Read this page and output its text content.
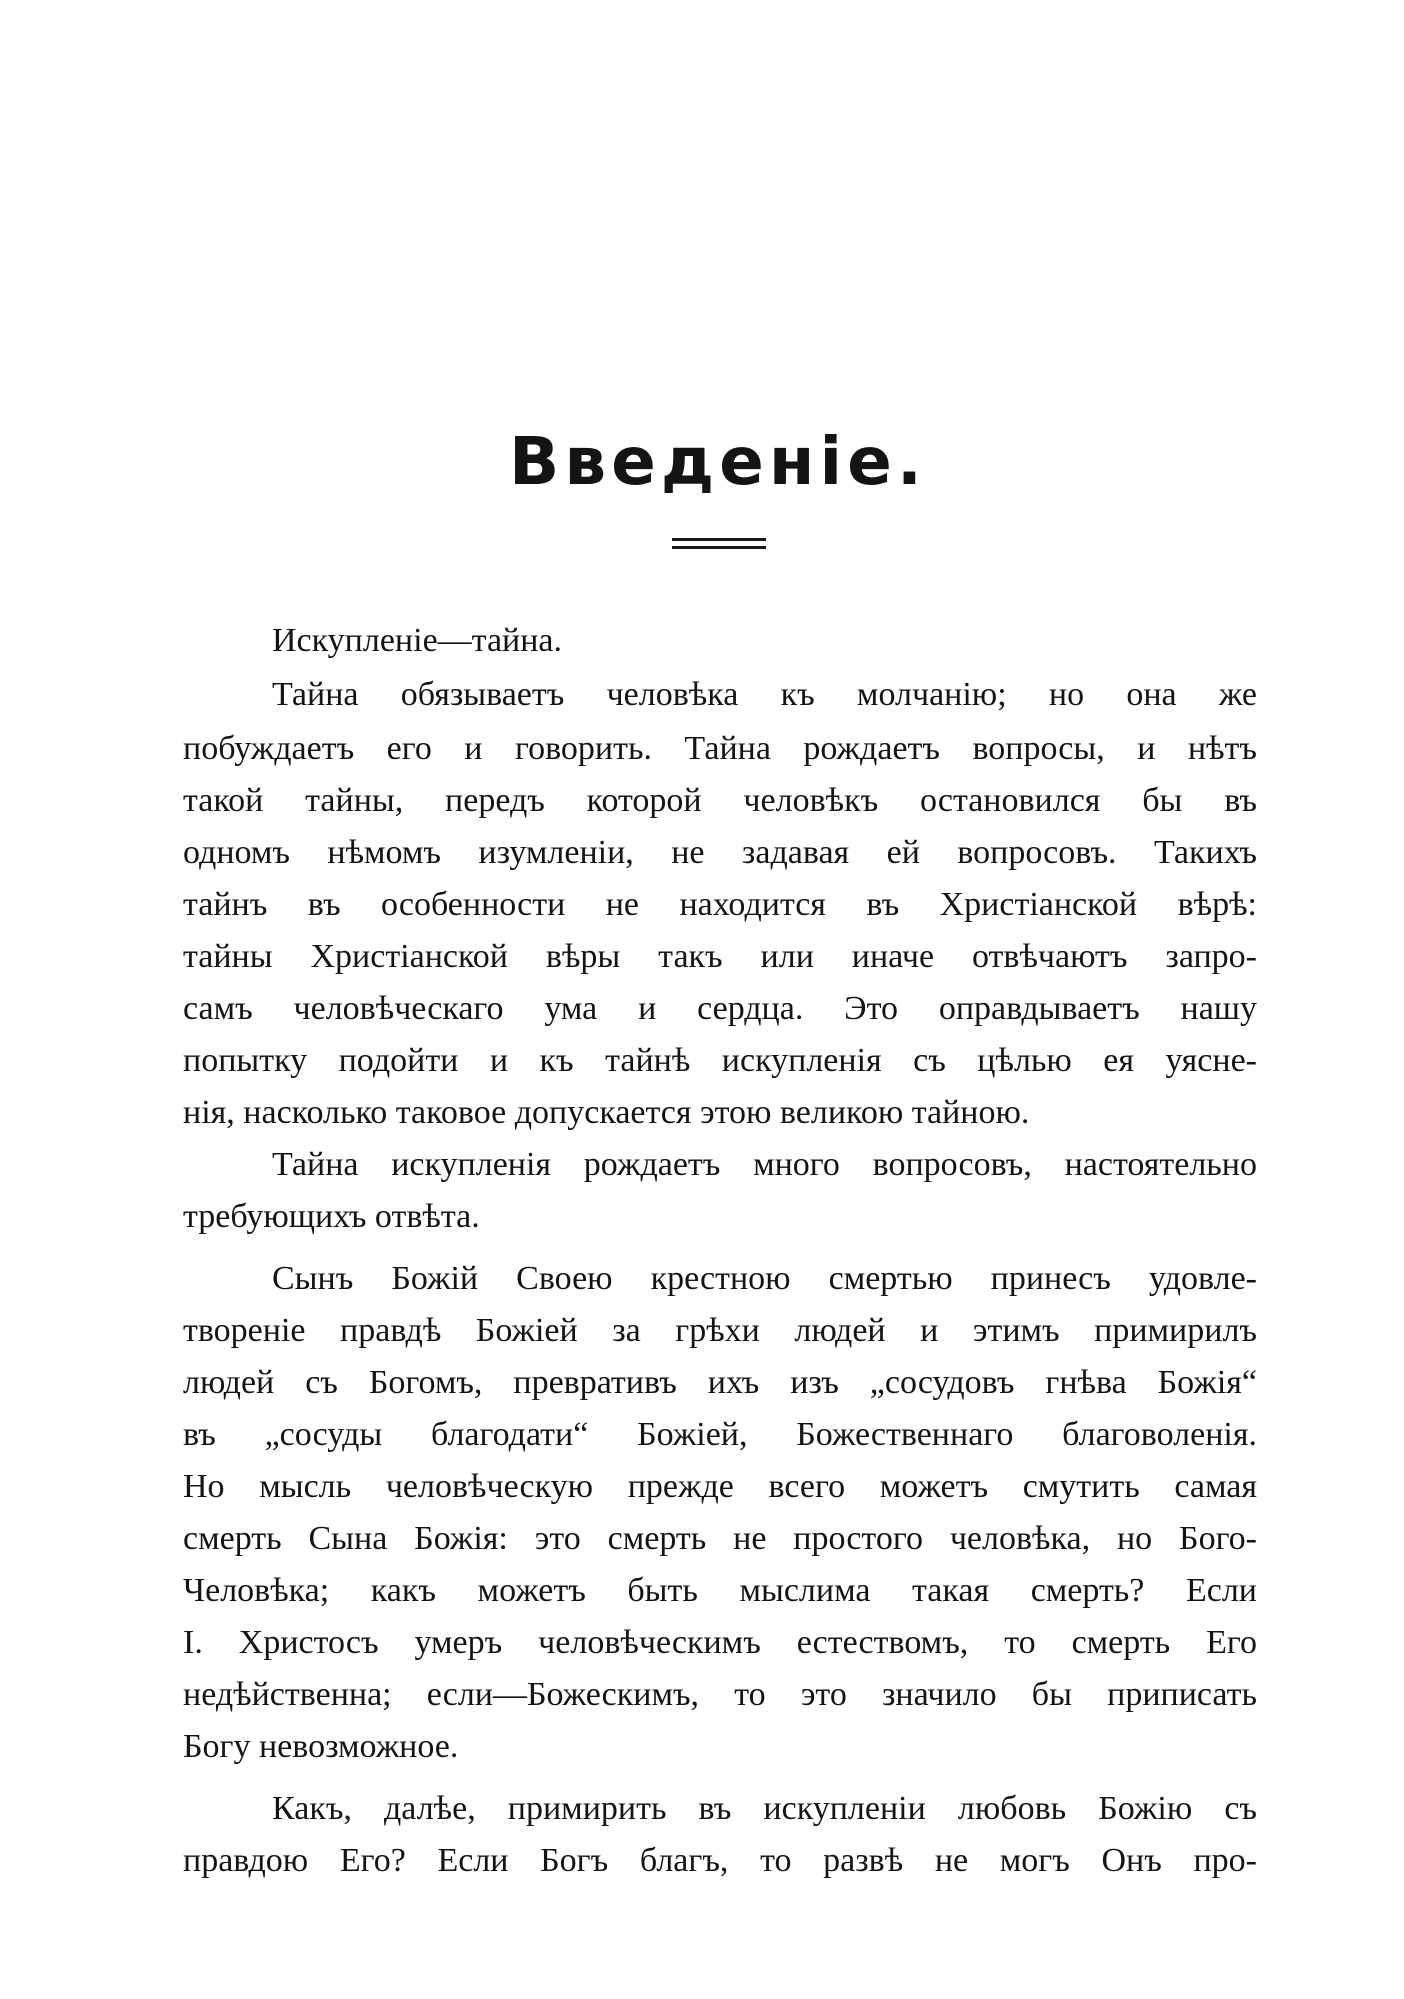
Введеніе.

Искупленіе—тайна.

Тайна обязываетъ человѣка къ молчанію; но она же

побуждаетъ его и говорить. Тайна рождаетъ вопросы, и нѣтъ

такой тайны, передъ которой человѣкъ остановился бы въ

одномъ нѣмомъ изумленіи, не задавая ей вопросовъ. Такихъ

тайнъ въ особенности не находится въ Христіанской вѣрѣ:

тайны Христіанской вѣры такъ или иначе отвѣчаютъ запро-

самъ человѣческаго ума и сердца. Это оправдываетъ нашу

попытку подойти и къ тайнѣ искупленія съ цѣлью ея уясне-

нія, насколько таковое допускается этою великою тайною.

Тайна искупленія рождаетъ много вопросовъ, настоятельно

требующихъ отвѣта.

Сынъ Божій Своею крестною смертью принесъ удовле-

твореніе правдѣ Божіей за грѣхи людей и этимъ примирилъ

людей съ Богомъ, превративъ ихъ изъ „сосудовъ гнѣва Божія“

въ „сосуды благодати“ Божіей, Божественнаго благоволенія.

Но мысль человѣческую прежде всего можетъ смутить самая

смерть Сына Божія: это смерть не простого человѣка, но Бого-

Человѣка; какъ можетъ быть мыслима такая смерть? Если

І. Христосъ умеръ человѣческимъ естествомъ, то смерть Его

недѣйственна; если—Божескимъ, то это значило бы приписать

Богу невозможное.

Какъ, далѣе, примирить въ искупленіи любовь Божію съ

правдою Его? Если Богъ благъ, то развѣ не могъ Онъ про-
